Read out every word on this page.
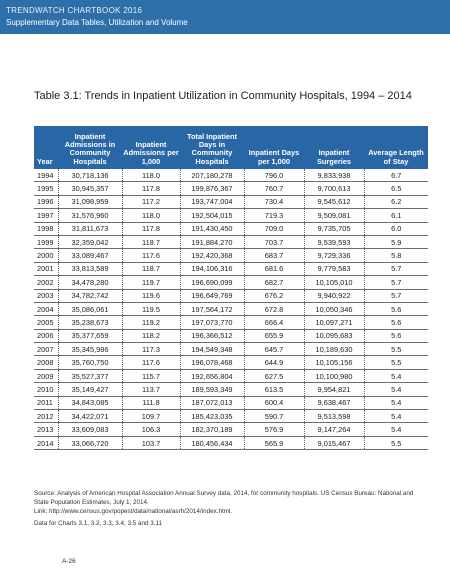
TRENDWATCH CHARTBOOK 2016
Supplementary Data Tables, Utilization and Volume
Table 3.1: Trends in Inpatient Utilization in Community Hospitals, 1994 – 2014
Year	Inpatient Admissions in Community Hospitals	Inpatient Admissions per 1,000	Total Inpatient Days in Community Hospitals	Inpatient Days per 1,000	Inpatient Surgeries	Average Length of Stay
1994	30,718,136	118.0	207,180,278	796.0	9,833,938	6.7
1995	30,945,357	117.8	199,876,367	760.7	9,700,613	6.5
1996	31,098,959	117.2	193,747,004	730.4	9,545,612	6.2
1997	31,576,960	118.0	192,504,015	719.3	9,509,081	6.1
1998	31,811,673	117.8	191,430,450	709.0	9,735,705	6.0
1999	32,359,042	118.7	191,884,270	703.7	9,539,593	5.9
2000	33,089,467	117.6	192,420,368	683.7	9,729,336	5.8
2001	33,813,589	118.7	194,106,316	681.6	9,779,583	5.7
2002	34,478,280	119.7	196,690,099	682.7	10,105,010	5.7
2003	34,782,742	119.6	196,649,769	676.2	9,940,922	5.7
2004	35,086,061	119.5	197,564,172	672.8	10,050,346	5.6
2005	35,238,673	119.2	197,073,770	666.4	10,097,271	5.6
2006	35,377,659	118.2	196,366,512	655.9	10,095,683	5.6
2007	35,345,986	117.3	194,549,348	645.7	10,189,630	5.5
2008	35,760,750	117.6	196,078,468	644.9	10,105,156	5.5
2009	35,527,377	115.7	192,656,804	627.5	10,100,980	5.4
2010	35,149,427	113.7	189,593,349	613.5	9,954,821	5.4
2011	34,843,085	111.8	187,072,013	600.4	9,638,467	5.4
2012	34,422,071	109.7	185,423,035	590.7	9,513,598	5.4
2013	33,609,083	106.3	182,370,189	576.9	9,147,264	5.4
2014	33,066,720	103.7	180,456,434	565.9	9,015,467	5.5
Source: Analysis of American Hospital Association Annual Survey data, 2014, for community hospitals. US Census Bureau: National and State Population Estimates, July 1, 2014.
Link: http://www.census.gov/popest/data/national/asrh/2014/index.html.
Data for Charts 3.1, 3.2, 3.3, 3.4, 3.5 and 3.11
A-26
